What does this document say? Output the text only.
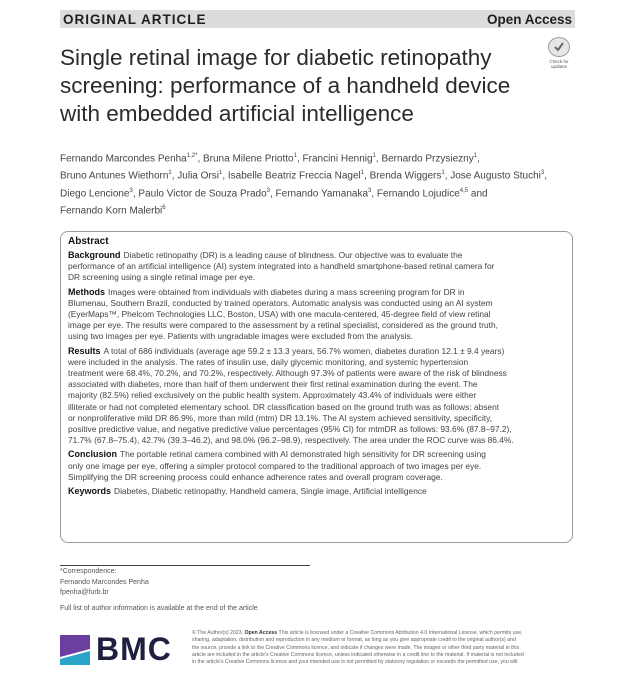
ORIGINAL ARTICLE	Open Access
Single retinal image for diabetic retinopathy
screening: performance of a handheld device
with embedded artificial intelligence
Check for
updates
Fernando Marcondes Penha$^{1,2*}$, Bruna Milene Priotto$^1$, Francini Hennig$^1$, Bernardo Przysiezny$^1$,
Bruno Antunes Wiethorn$^1$, Julia Orsi$^1$, Isabelle Beatriz Freccia Nagel$^1$, Brenda Wiggers$^1$, Jose Augusto Stuchi$^3$,
Diego Lencione$^3$, Paulo Victor de Souza Prado$^3$, Fernando Yamanaka$^3$, Fernando Lojudice$^{4,5}$ and
Fernando Korn Malerbi$^6$
Abstract
Background Diabetic retinopathy (DR) is a leading cause of blindness. Our objective was to evaluate the
performance of an artificial intelligence (AI) system integrated into a handheld smartphone-based retinal camera for
DR screening using a single retinal image per eye.
Methods Images were obtained from individuals with diabetes during a mass screening program for DR in
Blumenau, Southern Brazil, conducted by trained operators. Automatic analysis was conducted using an AI system
(EyerMaps™, Phelcom Technologies LLC, Boston, USA) with one macula-centered, 45-degree field of view retinal
image per eye. The results were compared to the assessment by a retinal specialist, considered as the ground truth,
using two images per eye. Patients with ungradable images were excluded from the analysis.
Results A total of 686 individuals (average age 59.2 ± 13.3 years, 56.7% women, diabetes duration 12.1 ± 9.4 years)
were included in the analysis. The rates of insulin use, daily glycemic monitoring, and systemic hypertension
treatment were 68.4%, 70.2%, and 70.2%, respectively. Although 97.3% of patients were aware of the risk of blindness
associated with diabetes, more than half of them underwent their first retinal examination during the event. The
majority (82.5%) relied exclusively on the public health system. Approximately 43.4% of individuals were either
illiterate or had not completed elementary school. DR classification based on the ground truth was as follows: absent
or nonproliferative mild DR 86.9%, more than mild (mtm) DR 13.1%. The AI system achieved sensitivity, specificity,
positive predictive value, and negative predictive value percentages (95% CI) for mtmDR as follows: 93.6% (87.8–97.2),
71.7% (67.8–75.4), 42.7% (39.3–46.2), and 98.0% (96.2–98.9), respectively. The area under the ROC curve was 86.4%.
Conclusion The portable retinal camera combined with AI demonstrated high sensitivity for DR screening using
only one image per eye, offering a simpler protocol compared to the traditional approach of two images per eye.
Simplifying the DR screening process could enhance adherence rates and overall program coverage.
Keywords Diabetes, Diabetic retinopathy, Handheld camera, Single image, Artificial intelligence
*Correspondence:
Fernando Marcondes Penha
fpenha@furb.br
Full list of author information is available at the end of the article
BMC	© The Author(s) 2023. Open Access This article is licensed under a Creative Commons Attribution 4.0 International License, which permits use,
sharing, adaptation, distribution and reproduction in any medium or format, as long as you give appropriate credit to the original author(s) and
the source, provide a link to the Creative Commons licence, and indicate if changes were made. The images or other third party material in this
article are included in the article's Creative Commons licence, unless indicated otherwise in a credit line to the material. If material is not included
in the article's Creative Commons licence and your intended use is not permitted by statutory regulation or exceeds the permitted use, you will
